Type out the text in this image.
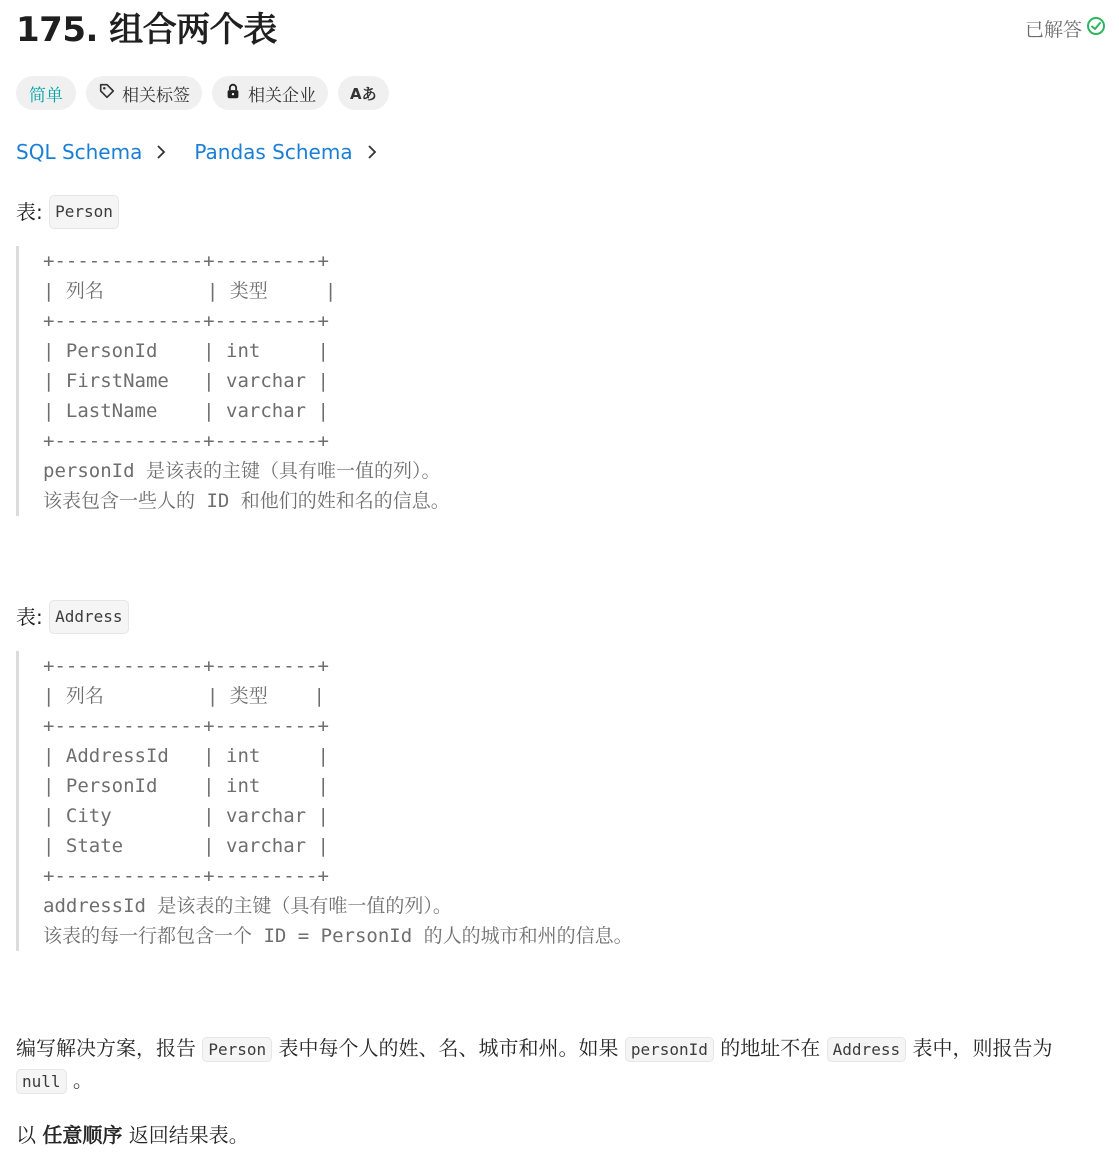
175. 组合两个表	已解答
简单	相关标签	相关企业 Aあ
SQL Schema	Pandas Schema
表:
Person
+-------------+---------+
| 列名         | 类型     |
+-------------+---------+
| PersonId    | int     |
| FirstName   | varchar |
| LastName    | varchar |
+-------------+---------+
personId 是该表的主键（具有唯一值的列）。
该表包含一些人的 ID 和他们的姓和名的信息。
表:
Address
+-------------+---------+
| 列名         | 类型    |
+-------------+---------+
| AddressId   | int     |
| PersonId    | int     |
| City        | varchar |
| State       | varchar |
+-------------+---------+
addressId 是该表的主键（具有唯一值的列）。
该表的每一行都包含一个 ID = PersonId 的人的城市和州的信息。
编写解决方案，报告 Person 表中每个人的姓、名、城市和州。如果 personId 的地址不在 Address 表中，则报告为 null 。
以 任意顺序 返回结果表。
